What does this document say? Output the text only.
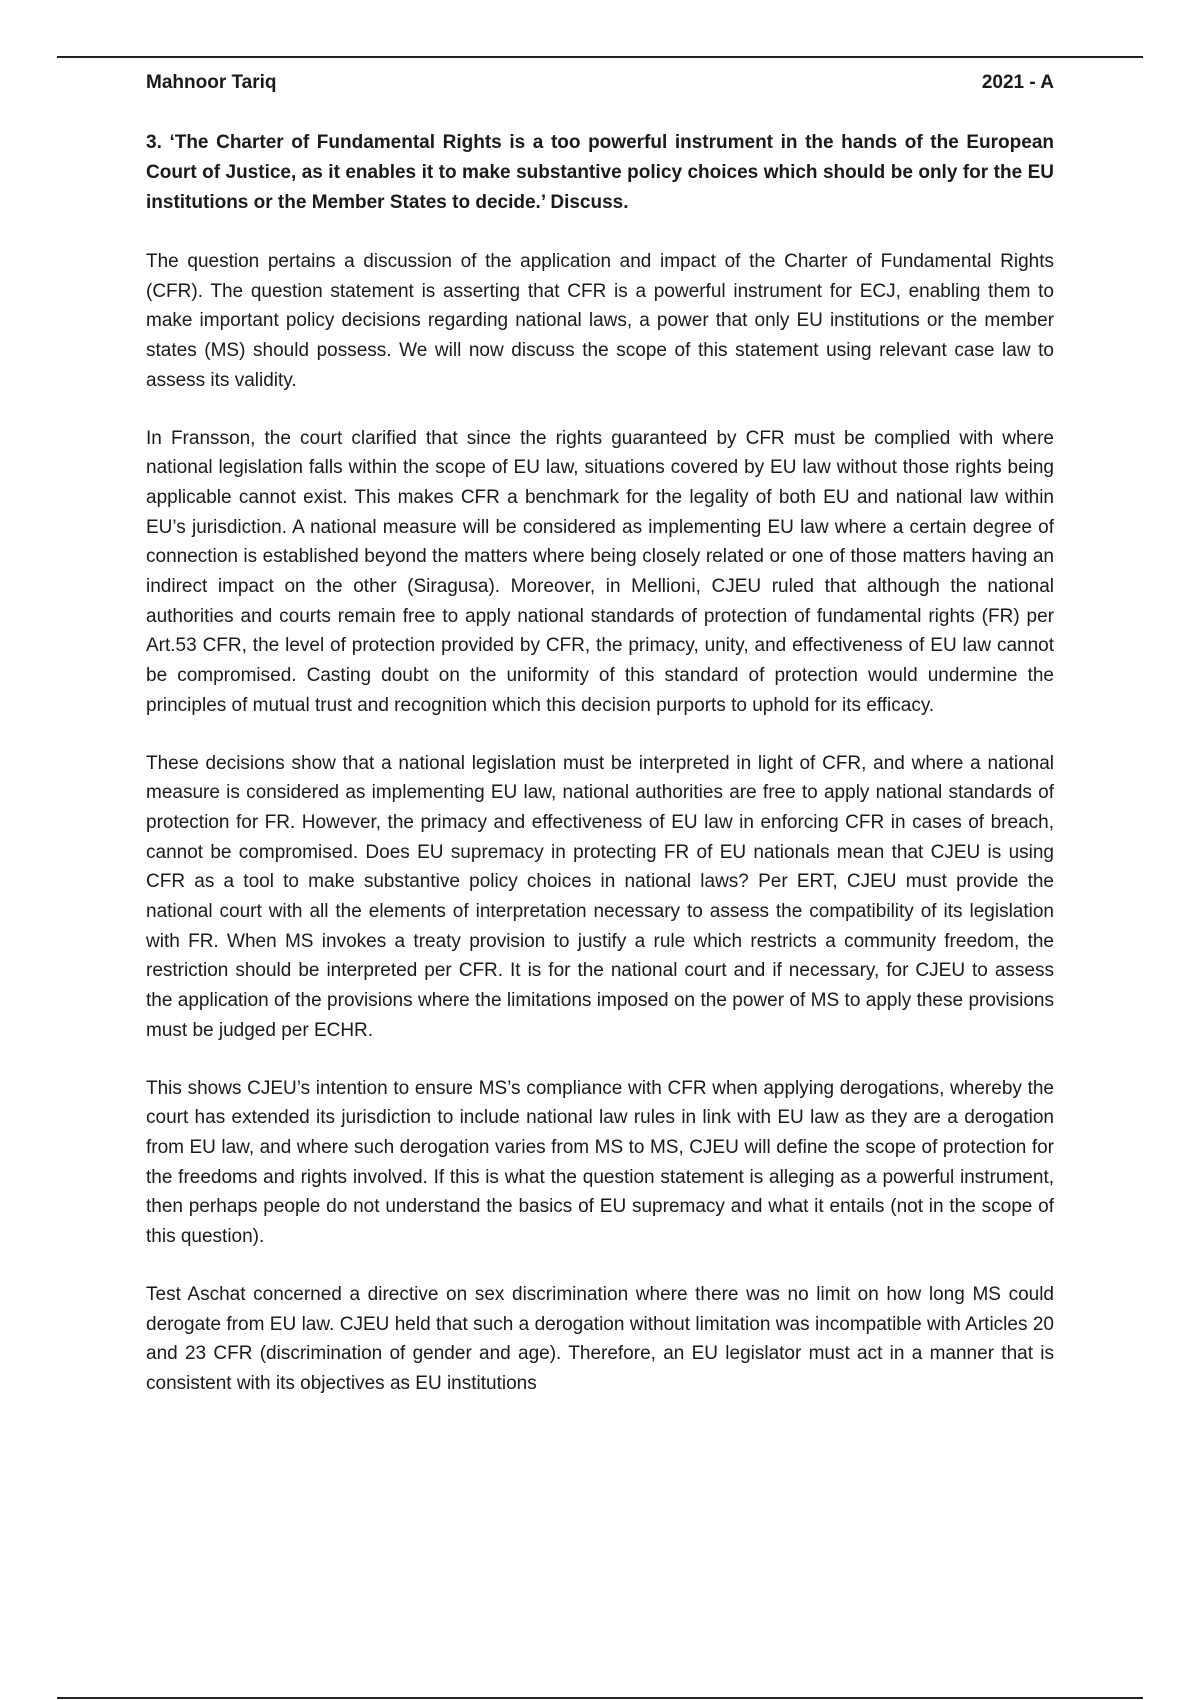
Mahnoor Tariq	2021 - A
3. ‘The Charter of Fundamental Rights is a too powerful instrument in the hands of the European Court of Justice, as it enables it to make substantive policy choices which should be only for the EU institutions or the Member States to decide.’ Discuss.

The question pertains a discussion of the application and impact of the Charter of Fundamental Rights (CFR). The question statement is asserting that CFR is a powerful instrument for ECJ, enabling them to make important policy decisions regarding national laws, a power that only EU institutions or the member states (MS) should possess. We will now discuss the scope of this statement using relevant case law to assess its validity.

In Fransson, the court clarified that since the rights guaranteed by CFR must be complied with where national legislation falls within the scope of EU law, situations covered by EU law without those rights being applicable cannot exist. This makes CFR a benchmark for the legality of both EU and national law within EU’s jurisdiction. A national measure will be considered as implementing EU law where a certain degree of connection is established beyond the matters where being closely related or one of those matters having an indirect impact on the other (Siragusa). Moreover, in Mellioni, CJEU ruled that although the national authorities and courts remain free to apply national standards of protection of fundamental rights (FR) per Art.53 CFR, the level of protection provided by CFR, the primacy, unity, and effectiveness of EU law cannot be compromised. Casting doubt on the uniformity of this standard of protection would undermine the principles of mutual trust and recognition which this decision purports to uphold for its efficacy.

These decisions show that a national legislation must be interpreted in light of CFR, and where a national measure is considered as implementing EU law, national authorities are free to apply national standards of protection for FR. However, the primacy and effectiveness of EU law in enforcing CFR in cases of breach, cannot be compromised. Does EU supremacy in protecting FR of EU nationals mean that CJEU is using CFR as a tool to make substantive policy choices in national laws? Per ERT, CJEU must provide the national court with all the elements of interpretation necessary to assess the compatibility of its legislation with FR. When MS invokes a treaty provision to justify a rule which restricts a community freedom, the restriction should be interpreted per CFR. It is for the national court and if necessary, for CJEU to assess the application of the provisions where the limitations imposed on the power of MS to apply these provisions must be judged per ECHR.

This shows CJEU’s intention to ensure MS’s compliance with CFR when applying derogations, whereby the court has extended its jurisdiction to include national law rules in link with EU law as they are a derogation from EU law, and where such derogation varies from MS to MS, CJEU will define the scope of protection for the freedoms and rights involved. If this is what the question statement is alleging as a powerful instrument, then perhaps people do not understand the basics of EU supremacy and what it entails (not in the scope of this question).

Test Aschat concerned a directive on sex discrimination where there was no limit on how long MS could derogate from EU law. CJEU held that such a derogation without limitation was incompatible with Articles 20 and 23 CFR (discrimination of gender and age). Therefore, an EU legislator must act in a manner that is consistent with its objectives as EU institutions
